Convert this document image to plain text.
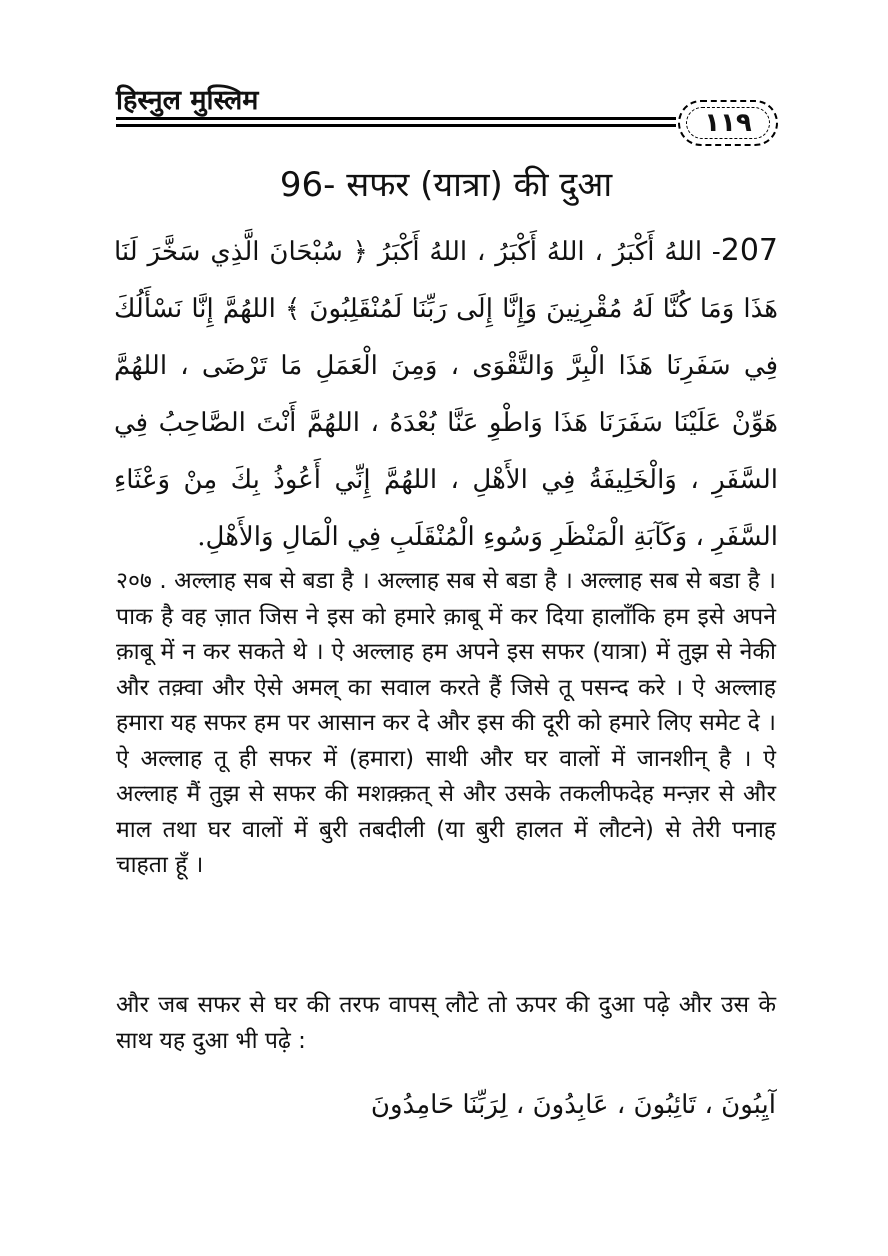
हिस्नुल मुस्लिम
١١٩
96- सफर (यात्रा) की दुआ
207- اللهُ أَكْبَرُ ، اللهُ أَكْبَرُ ، اللهُ أَكْبَرُ ﴿ سُبْحَانَ الَّذِي سَخَّرَ لَنَا هَذَا وَمَا كُنَّا لَهُ مُقْرِنِينَ وَإِنَّا إِلَى رَبِّنَا لَمُنْقَلِبُونَ ﴾ اللهُمَّ إِنَّا نَسْأَلُكَ فِي سَفَرِنَا هَذَا الْبِرَّ وَالتَّقْوَى ، وَمِنَ الْعَمَلِ مَا تَرْضَى ، اللهُمَّ هَوِّنْ عَلَيْنَا سَفَرَنَا هَذَا وَاطْوِ عَنَّا بُعْدَهُ ، اللهُمَّ أَنْتَ الصَّاحِبُ فِي السَّفَرِ ، وَالْخَلِيفَةُ فِي الأَهْلِ ، اللهُمَّ إِنِّي أَعُوذُ بِكَ مِنْ وَعْثَاءِ السَّفَرِ ، وَكَآبَةِ الْمَنْظَرِ وَسُوءِ الْمُنْقَلَبِ فِي الْمَالِ وَالأَهْلِ.

२०७ . अल्लाह सब से बडा है । अल्लाह सब से बडा है । अल्लाह सब से बडा है । पाक है वह ज़ात जिस ने इस को हमारे क़ाबू में कर दिया हालाँकि हम इसे अपने क़ाबू में न कर सकते थे । ऐ अल्लाह हम अपने इस सफर (यात्रा) में तुझ से नेकी और तक़्वा और ऐसे अमल् का सवाल करते हैं जिसे तू पसन्द करे । ऐ अल्लाह हमारा यह सफर हम पर आसान कर दे और इस की दूरी को हमारे लिए समेट दे । ऐ अल्लाह तू ही सफर में (हमारा) साथी और घर वालों में जानशीन् है । ऐ अल्लाह मैं तुझ से सफर की मशक़्क़त् से और उसके तकलीफदेह मन्ज़र से और माल तथा घर वालों में बुरी तबदीली (या बुरी हालत में लौटने) से तेरी पनाह चाहता हूँ ।

और जब सफर से घर की तरफ वापस् लौटे तो ऊपर की दुआ पढ़े और उस के साथ यह दुआ भी पढ़े :

آيِبُونَ ، تَائِبُونَ ، عَابِدُونَ ، لِرَبِّنَا حَامِدُونَ
